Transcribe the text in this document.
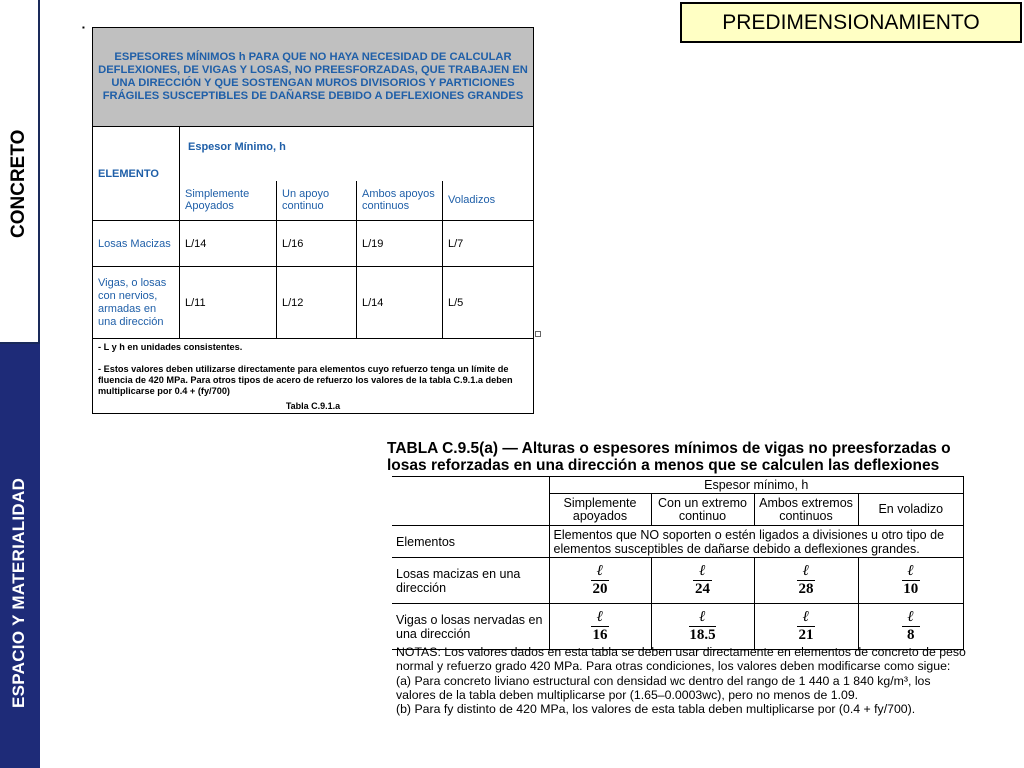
CONCRETO
ESPACIO Y MATERIALIDAD
PREDIMENSIONAMIENTO
▪
ESPESORES MÍNIMOS h PARA QUE NO HAYA NECESIDAD DE CALCULAR DEFLEXIONES, DE VIGAS Y LOSAS, NO PREESFORZADAS, QUE TRABAJEN EN UNA DIRECCIÓN Y QUE SOSTENGAN MUROS DIVISORIOS Y PARTICIONES FRÁGILES SUSCEPTIBLES DE DAÑARSE DEBIDO A DEFLEXIONES GRANDES				
ELEMENTO	Espesor Mínimo, h			
	Simplemente Apoyados	Un apoyo continuo	Ambos apoyos continuos	Voladizos
Losas Macizas	L/14	L/16	L/19	L/7
Vigas, o losas con nervios, armadas en una dirección	L/11	L/12	L/14	L/5

- L y h en unidades consistentes.
- Estos valores deben utilizarse directamente para elementos cuyo refuerzo tenga un límite de fluencia de 420 MPa. Para otros tipos de acero de refuerzo los valores de la tabla C.9.1.a deben multiplicarse por 0.4 + (fy/700)				

Tabla C.9.1.a				
TABLA C.9.5(a) — Alturas o espesores mínimos de vigas no preesforzadas o
losas reforzadas en una dirección a menos que se calculen las deflexiones
	Espesor mínimo, h			
	Simplemente apoyados	Con un extremo continuo	Ambos extremos continuos	En voladizo
Elementos	Elementos que NO soporten o estén ligados a divisiones u otro tipo de elementos susceptibles de dañarse debido a deflexiones grandes.			
Losas macizas en una dirección	$\frac{\text{ℓ}}{20}$	$\frac{\text{ℓ}}{24}$	$\frac{\text{ℓ}}{28}$	$\frac{\text{ℓ}}{10}$

Vigas o losas nervadas en una dirección	$\frac{\text{ℓ}}{16}$	$\frac{\text{ℓ}}{18.5}$	$\frac{\text{ℓ}}{21}$	$\frac{\text{ℓ}}{8}$
NOTAS: Los valores dados en esta tabla se deben usar directamente en elementos de concreto de peso normal y refuerzo grado 420 MPa. Para otras condiciones, los valores deben modificarse como sigue:
(a) Para concreto liviano estructural con densidad wc dentro del rango de 1 440 a 1 840 kg/m³, los valores de la tabla deben multiplicarse por (1.65–0.0003wc), pero no menos de 1.09.
(b) Para fy distinto de 420 MPa, los valores de esta tabla deben multiplicarse por (0.4 + fy/700).
